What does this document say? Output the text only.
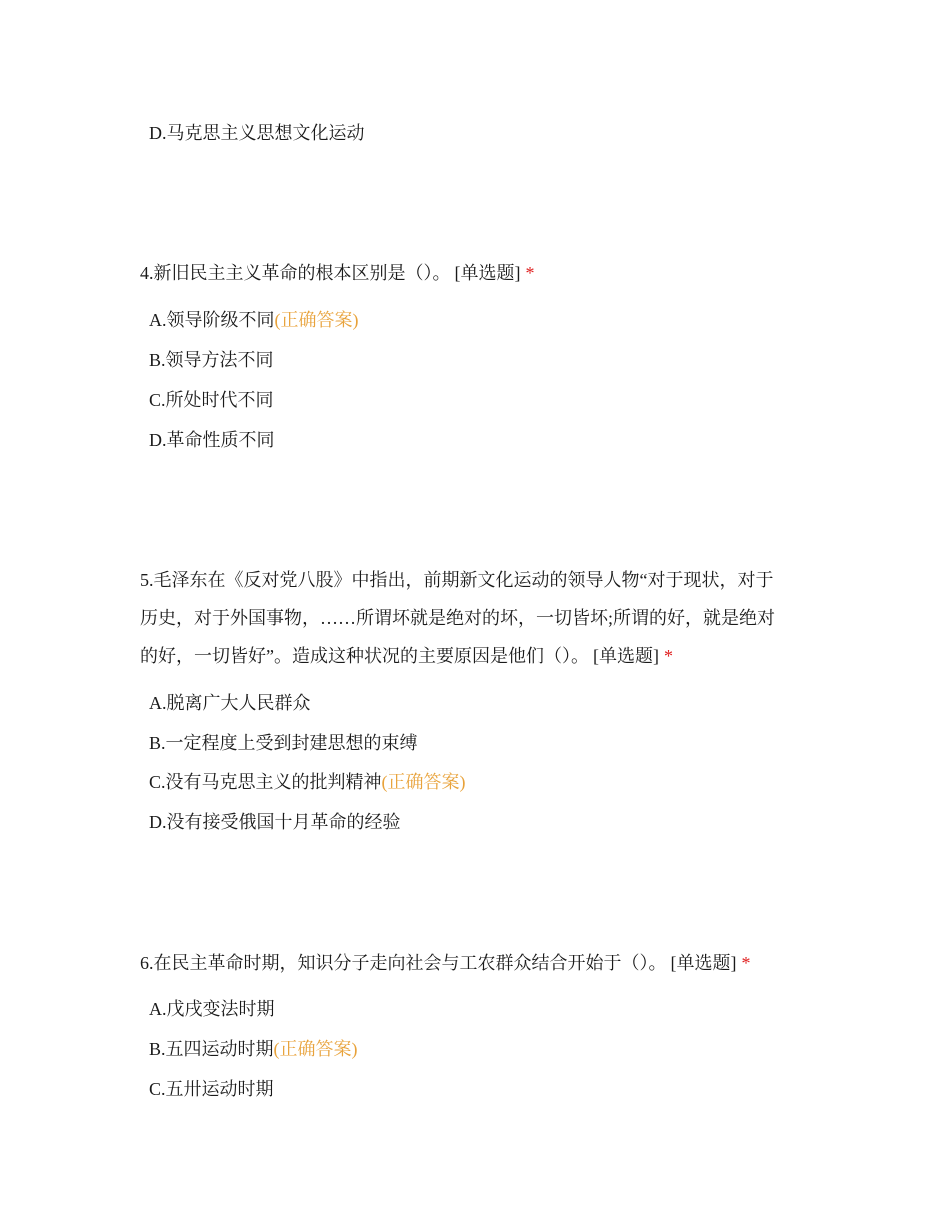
D.马克思主义思想文化运动
4.新旧民主主义革命的根本区别是（）。 [单选题] *
A.领导阶级不同(正确答案)
B.领导方法不同
C.所处时代不同
D.革命性质不同
5.毛泽东在《反对党八股》中指出，前期新文化运动的领导人物“对于现状，对于
历史，对于外国事物，……所谓坏就是绝对的坏，一切皆坏;所谓的好，就是绝对
的好，一切皆好”。造成这种状况的主要原因是他们（）。 [单选题] *
A.脱离广大人民群众
B.一定程度上受到封建思想的束缚
C.没有马克思主义的批判精神(正确答案)
D.没有接受俄国十月革命的经验
6.在民主革命时期，知识分子走向社会与工农群众结合开始于（）。 [单选题] *
A.戊戌变法时期
B.五四运动时期(正确答案)
C.五卅运动时期
